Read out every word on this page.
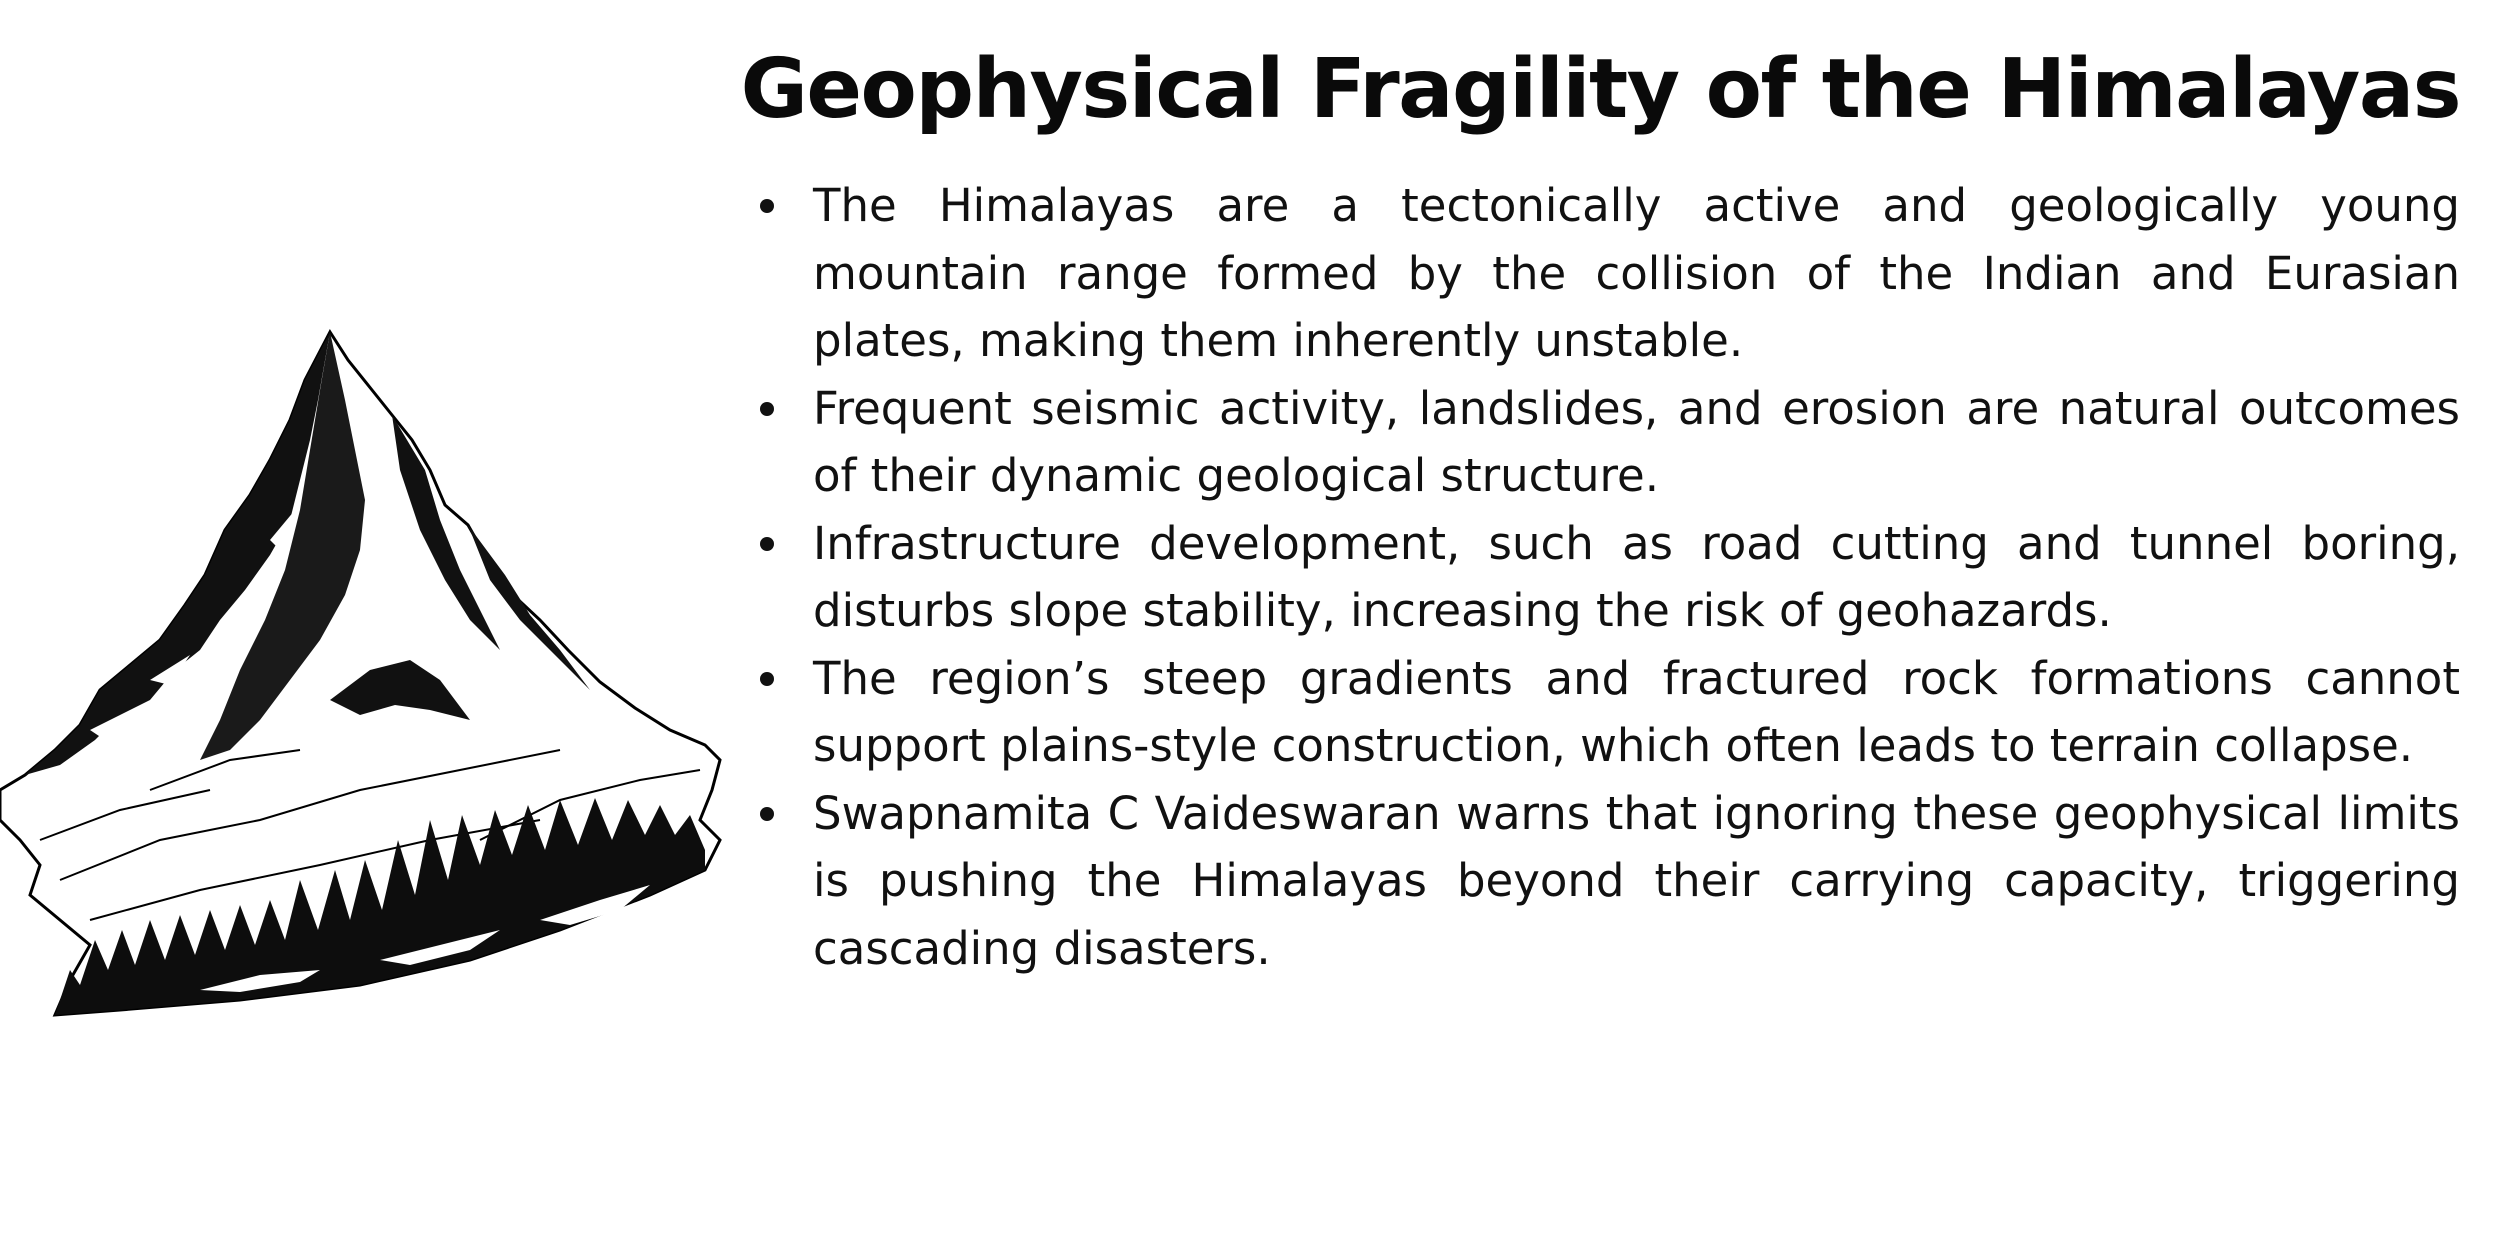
Geophysical Fragility of the Himalayas
The Himalayas are a tectonically active and geologically young mountain range formed by the collision of the Indian and Eurasian plates, making them inherently unstable.
Frequent seismic activity, landslides, and erosion are natural outcomes of their dynamic geological structure.
Infrastructure development, such as road cutting and tunnel boring, disturbs slope stability, increasing the risk of geohazards.
The region’s steep gradients and fractured rock formations cannot support plains-style construction, which often leads to terrain collapse.
Swapnamita C Vaideswaran warns that ignoring these geophysical limits is pushing the Himalayas beyond their carrying capacity, triggering cascading disasters.
